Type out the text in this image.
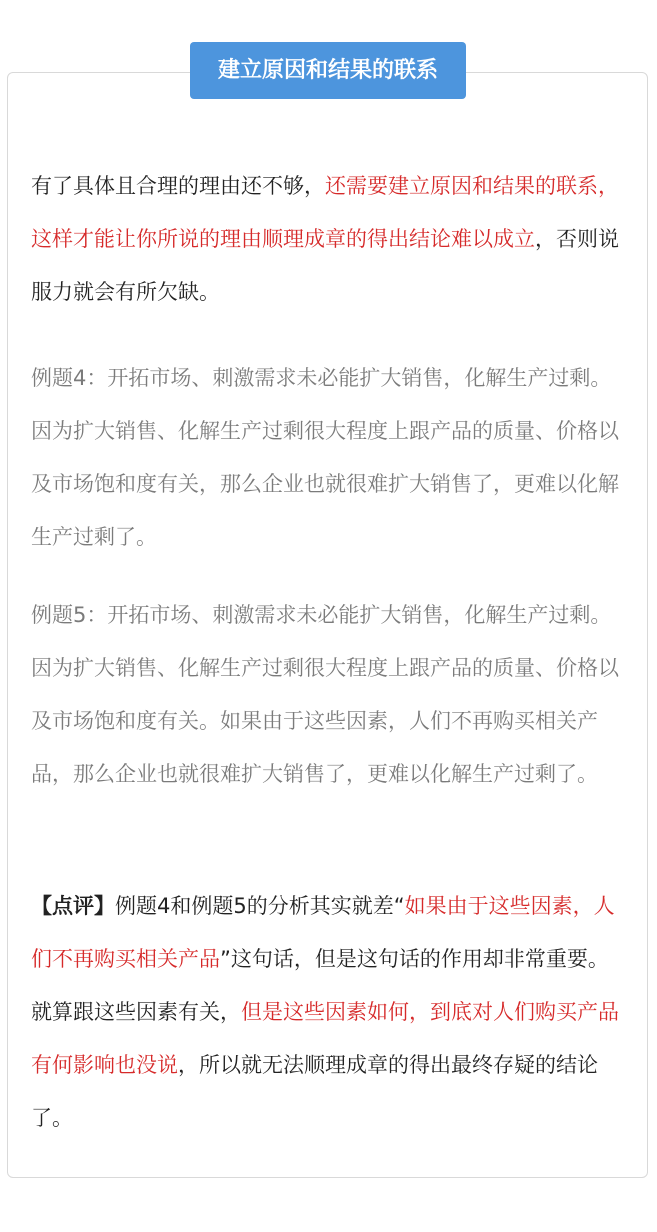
建立原因和结果的联系

有了具体且合理的理由还不够，还需要建立原因和结果的联系，这样才能让你所说的理由顺理成章的得出结论难以成立，否则说服力就会有所欠缺。

例题4：开拓市场、刺激需求未必能扩大销售，化解生产过剩。因为扩大销售、化解生产过剩很大程度上跟产品的质量、价格以及市场饱和度有关，那么企业也就很难扩大销售了，更难以化解生产过剩了。

例题5：开拓市场、刺激需求未必能扩大销售，化解生产过剩。因为扩大销售、化解生产过剩很大程度上跟产品的质量、价格以及市场饱和度有关。如果由于这些因素，人们不再购买相关产品，那么企业也就很难扩大销售了，更难以化解生产过剩了。

【点评】例题4和例题5的分析其实就差“如果由于这些因素，人们不再购买相关产品”这句话，但是这句话的作用却非常重要。就算跟这些因素有关，但是这些因素如何，到底对人们购买产品有何影响也没说，所以就无法顺理成章的得出最终存疑的结论了。
